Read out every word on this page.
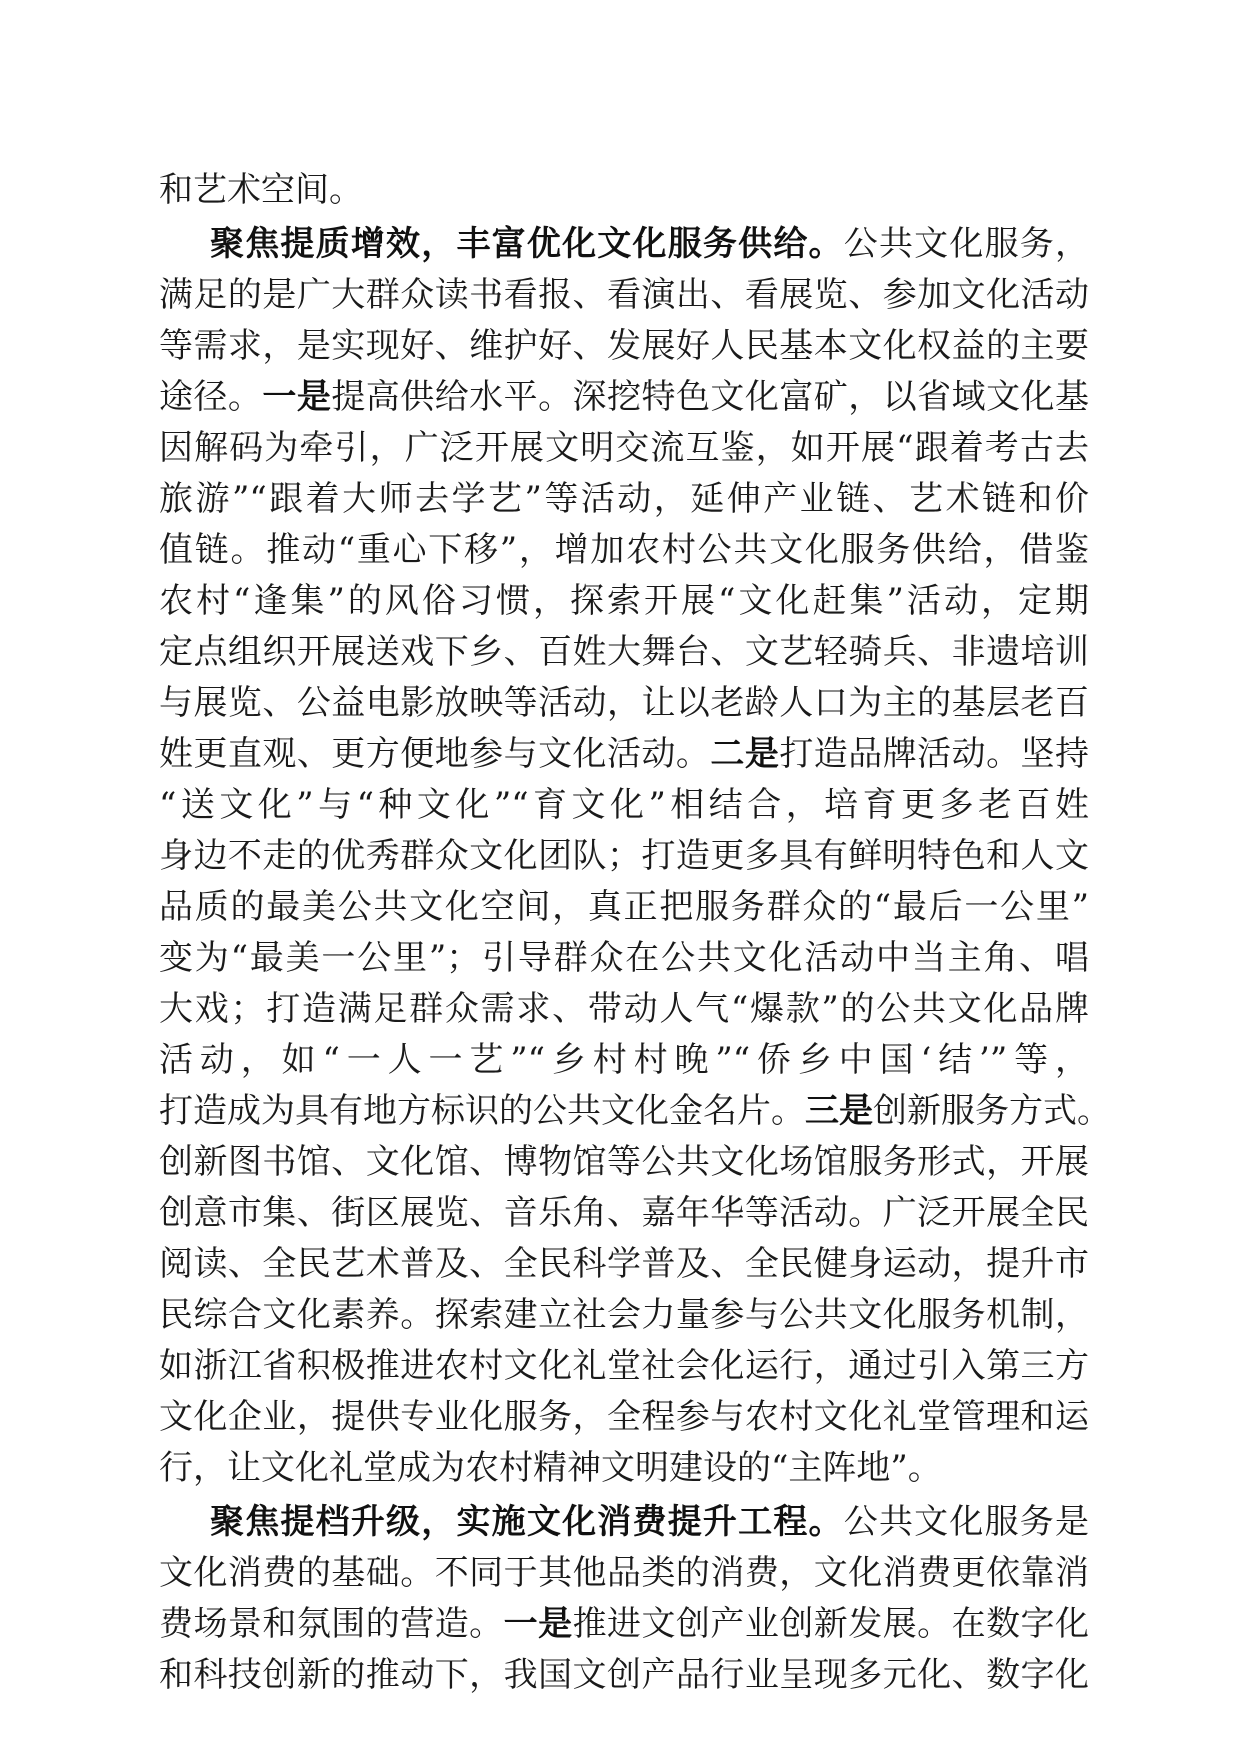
和艺术空间。
聚焦提质增效，丰富优化文化服务供给。公共文化服务，
满足的是广大群众读书看报、看演出、看展览、参加文化活动
等需求，是实现好、维护好、发展好人民基本文化权益的主要
途径。一是提高供给水平。深挖特色文化富矿，以省域文化基
因解码为牵引，广泛开展文明交流互鉴，如开展“跟着考古去
旅游”“跟着大师去学艺”等活动，延伸产业链、艺术链和价
值链。推动“重心下移”，增加农村公共文化服务供给，借鉴
农村“逢集”的风俗习惯，探索开展“文化赶集”活动，定期
定点组织开展送戏下乡、百姓大舞台、文艺轻骑兵、非遗培训
与展览、公益电影放映等活动，让以老龄人口为主的基层老百
姓更直观、更方便地参与文化活动。二是打造品牌活动。坚持
“送文化”与“种文化”“育文化”相结合，培育更多老百姓
身边不走的优秀群众文化团队；打造更多具有鲜明特色和人文
品质的最美公共文化空间，真正把服务群众的“最后一公里”
变为“最美一公里”；引导群众在公共文化活动中当主角、唱
大戏；打造满足群众需求、带动人气“爆款”的公共文化品牌
活动，如“一人一艺”“乡村村晚”“侨乡中国‘结’”等，
打造成为具有地方标识的公共文化金名片。三是创新服务方式。
创新图书馆、文化馆、博物馆等公共文化场馆服务形式，开展
创意市集、街区展览、音乐角、嘉年华等活动。广泛开展全民
阅读、全民艺术普及、全民科学普及、全民健身运动，提升市
民综合文化素养。探索建立社会力量参与公共文化服务机制，
如浙江省积极推进农村文化礼堂社会化运行，通过引入第三方
文化企业，提供专业化服务，全程参与农村文化礼堂管理和运
行，让文化礼堂成为农村精神文明建设的“主阵地”。
聚焦提档升级，实施文化消费提升工程。公共文化服务是
文化消费的基础。不同于其他品类的消费，文化消费更依靠消
费场景和氛围的营造。一是推进文创产业创新发展。在数字化
和科技创新的推动下，我国文创产品行业呈现多元化、数字化
